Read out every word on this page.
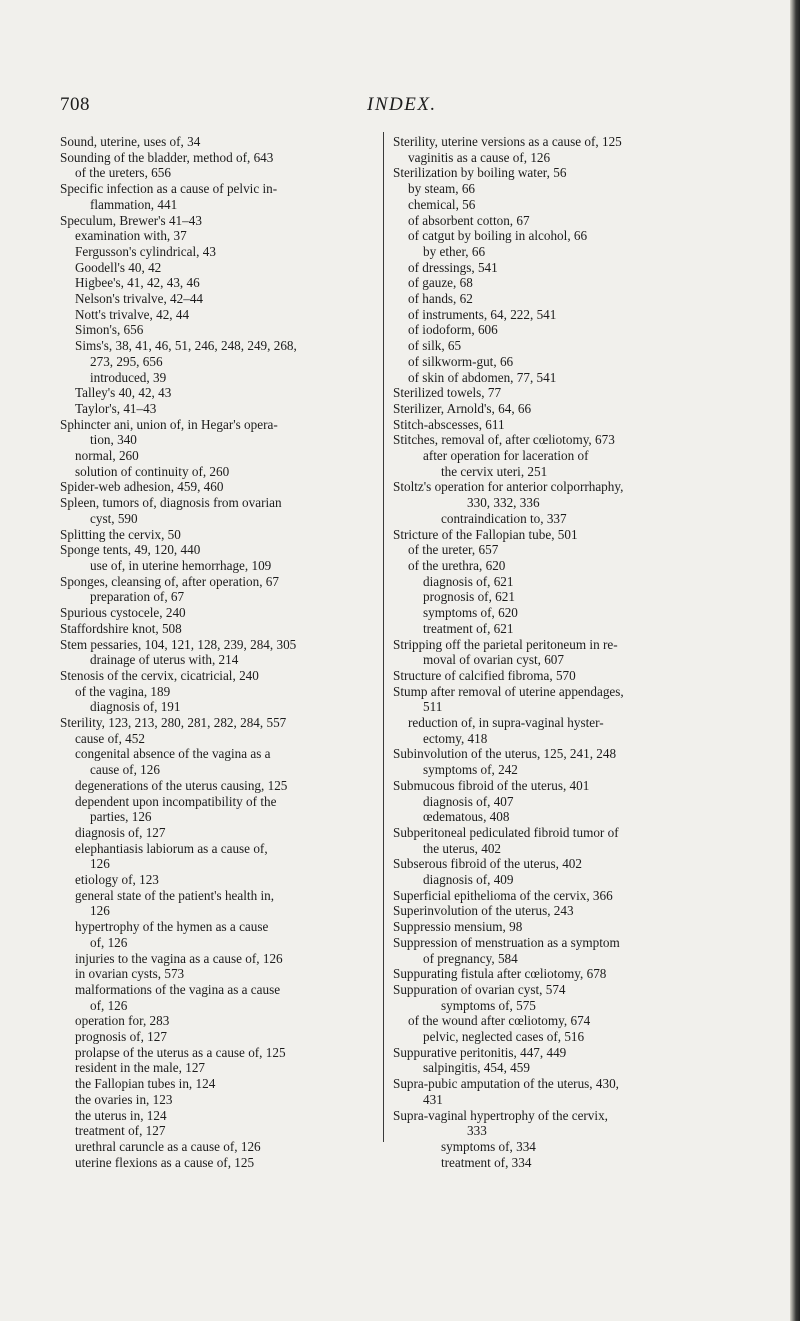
708	INDEX.
Sound, uterine, uses of, 34
Sounding of the bladder, method of, 643
of the ureters, 656
Specific infection as a cause of pelvic in-
flammation, 441
Speculum, Brewer's 41–43
examination with, 37
Fergusson's cylindrical, 43
Goodell's 40, 42
Higbee's, 41, 42, 43, 46
Nelson's trivalve, 42–44
Nott's trivalve, 42, 44
Simon's, 656
Sims's, 38, 41, 46, 51, 246, 248, 249, 268,
273, 295, 656
introduced, 39
Talley's 40, 42, 43
Taylor's, 41–43
Sphincter ani, union of, in Hegar's opera-
tion, 340
normal, 260
solution of continuity of, 260
Spider-web adhesion, 459, 460
Spleen, tumors of, diagnosis from ovarian
cyst, 590
Splitting the cervix, 50
Sponge tents, 49, 120, 440
use of, in uterine hemorrhage, 109
Sponges, cleansing of, after operation, 67
preparation of, 67
Spurious cystocele, 240
Staffordshire knot, 508
Stem pessaries, 104, 121, 128, 239, 284, 305
drainage of uterus with, 214
Stenosis of the cervix, cicatricial, 240
of the vagina, 189
diagnosis of, 191
Sterility, 123, 213, 280, 281, 282, 284, 557
cause of, 452
congenital absence of the vagina as a
cause of, 126
degenerations of the uterus causing, 125
dependent upon incompatibility of the
parties, 126
diagnosis of, 127
elephantiasis labiorum as a cause of,
126
etiology of, 123
general state of the patient's health in,
126
hypertrophy of the hymen as a cause
of, 126
injuries to the vagina as a cause of, 126
in ovarian cysts, 573
malformations of the vagina as a cause
of, 126
operation for, 283
prognosis of, 127
prolapse of the uterus as a cause of, 125
resident in the male, 127
the Fallopian tubes in, 124
the ovaries in, 123
the uterus in, 124
treatment of, 127
urethral caruncle as a cause of, 126
uterine flexions as a cause of, 125
Sterility, uterine versions as a cause of, 125
vaginitis as a cause of, 126
Sterilization by boiling water, 56
by steam, 66
chemical, 56
of absorbent cotton, 67
of catgut by boiling in alcohol, 66
by ether, 66
of dressings, 541
of gauze, 68
of hands, 62
of instruments, 64, 222, 541
of iodoform, 606
of silk, 65
of silkworm-gut, 66
of skin of abdomen, 77, 541
Sterilized towels, 77
Sterilizer, Arnold's, 64, 66
Stitch-abscesses, 611
Stitches, removal of, after cœliotomy, 673
after operation for laceration of
the cervix uteri, 251
Stoltz's operation for anterior colporrhaphy,
330, 332, 336
contraindication to, 337
Stricture of the Fallopian tube, 501
of the ureter, 657
of the urethra, 620
diagnosis of, 621
prognosis of, 621
symptoms of, 620
treatment of, 621
Stripping off the parietal peritoneum in re-
moval of ovarian cyst, 607
Structure of calcified fibroma, 570
Stump after removal of uterine appendages,
511
reduction of, in supra-vaginal hyster-
ectomy, 418
Subinvolution of the uterus, 125, 241, 248
symptoms of, 242
Submucous fibroid of the uterus, 401
diagnosis of, 407
œdematous, 408
Subperitoneal pediculated fibroid tumor of
the uterus, 402
Subserous fibroid of the uterus, 402
diagnosis of, 409
Superficial epithelioma of the cervix, 366
Superinvolution of the uterus, 243
Suppressio mensium, 98
Suppression of menstruation as a symptom
of pregnancy, 584
Suppurating fistula after cœliotomy, 678
Suppuration of ovarian cyst, 574
symptoms of, 575
of the wound after cœliotomy, 674
pelvic, neglected cases of, 516
Suppurative peritonitis, 447, 449
salpingitis, 454, 459
Supra-pubic amputation of the uterus, 430,
431
Supra-vaginal hypertrophy of the cervix,
333
symptoms of, 334
treatment of, 334
